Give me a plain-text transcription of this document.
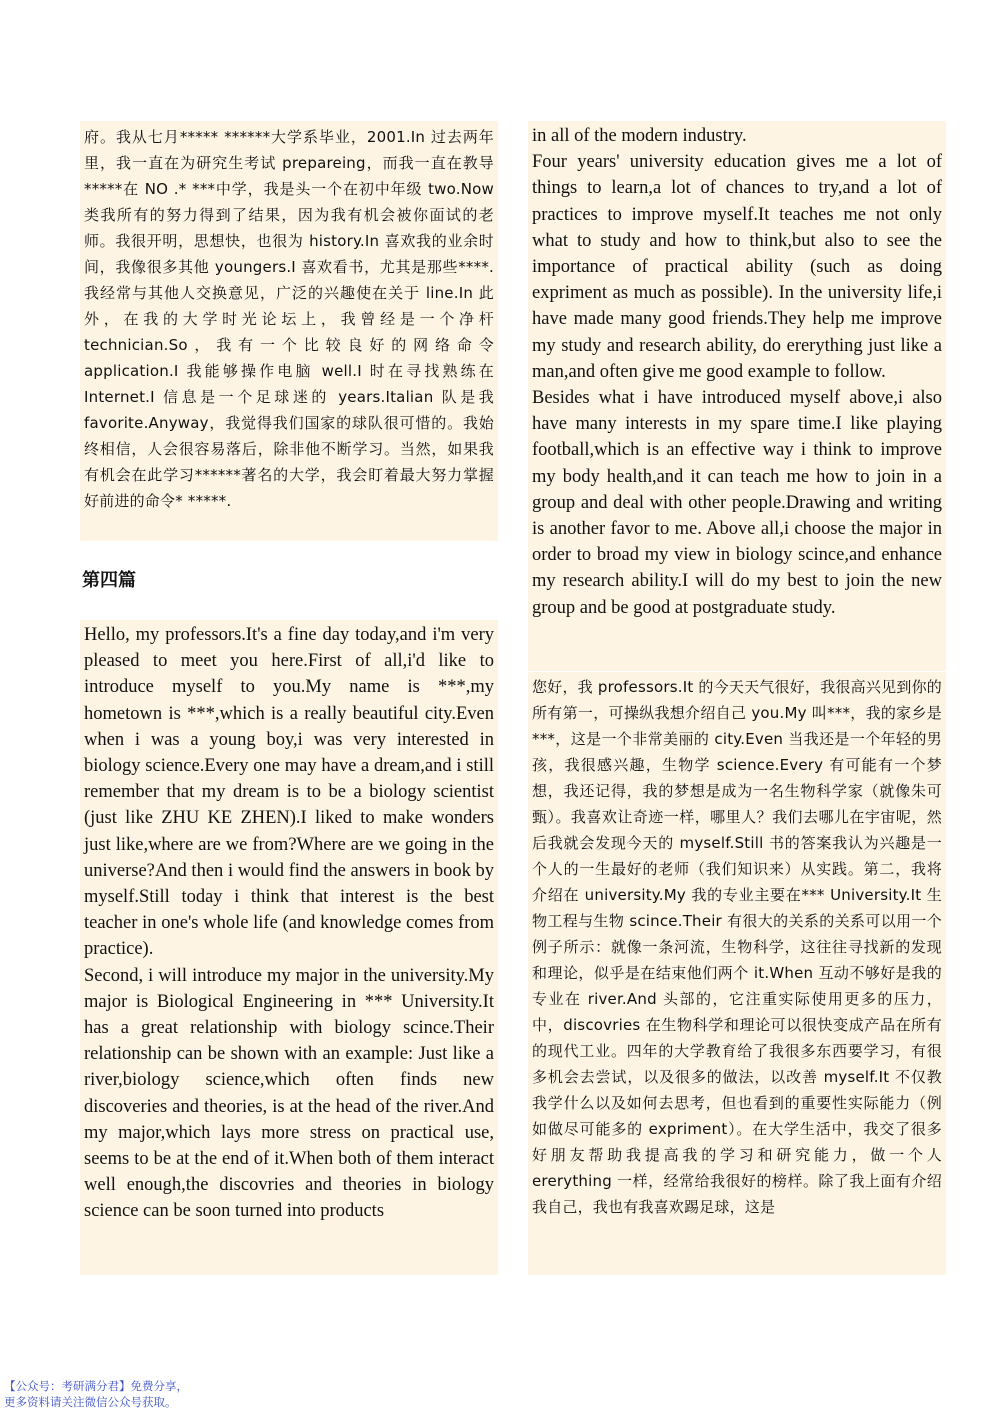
府。我从七月***** ******大学系毕业，2001.In 过去两年里，我一直在为研究生考试 prepareing，而我一直在教导*****在 NO .* ***中学，我是头一个在初中年级 two.Now 类我所有的努力得到了结果，因为我有机会被你面试的老师。我很开明，思想快，也很为 history.In 喜欢我的业余时间，我像很多其他 youngers.I 喜欢看书，尤其是那些****.我经常与其他人交换意见，广泛的兴趣使在关于 line.In 此外，在我的大学时光论坛上，我曾经是一个净杆 technician.So，我有一个比较良好的网络命令 application.I 我能够操作电脑 well.I 时在寻找熟练在 Internet.I 信息是一个足球迷的 years.Italian 队是我 favorite.Anyway，我觉得我们国家的球队很可惜的。我始终相信，人会很容易落后，除非他不断学习。当然，如果我有机会在此学习******著名的大学，我会盯着最大努力掌握好前进的命令* *****.

第四篇

Hello, my professors.It's a fine day today,and i'm very pleased to meet you here.First of all,i'd like to introduce myself to you.My name is ***,my hometown is ***,which is a really beautiful city.Even when i was a young boy,i was very interested in biology science.Every one may have a dream,and i still remember that my dream is to be a biology scientist (just like ZHU KE ZHEN).I liked to make wonders just like,where are we from?Where are we going in the universe?And then i would find the answers in book by myself.Still today i think that interest is the best teacher in one's whole life (and knowledge comes from practice).

Second, i will introduce my major in the university.My major is Biological Engineering in *** University.It has a great relationship with biology scince.Their relationship can be shown with an example: Just like a river,biology science,which often finds new discoveries and theories, is at the head of the river.And my major,which lays more stress on practical use, seems to be at the end of it.When both of them interact well enough,the discovries and theories in biology science can be soon turned into products

in all of the modern industry.

Four years' university education gives me a lot of things to learn,a lot of chances to try,and a lot of practices to improve myself.It teaches me not only what to study and how to think,but also to see the importance of practical ability (such as doing expriment as much as possible). In the university life,i have made many good friends.They help me improve my study and research ability, do ererything just like a man,and often give me good example to follow.

Besides what i have introduced myself above,i also have many interests in my spare time.I like playing football,which is an effective way i think to improve my body health,and it can teach me how to join in a group and deal with other people.Drawing and writing is another favor to me. Above all,i choose the major in order to broad my view in biology scince,and enhance my research ability.I will do my best to join the new group and be good at postgraduate study.

您好，我 professors.It 的今天天气很好，我很高兴见到你的所有第一，可操纵我想介绍自己 you.My 叫***，我的家乡是***，这是一个非常美丽的 city.Even 当我还是一个年轻的男孩，我很感兴趣，生物学 science.Every 有可能有一个梦想，我还记得，我的梦想是成为一名生物科学家（就像朱可甄）。我喜欢让奇迹一样，哪里人？我们去哪儿在宇宙呢，然后我就会发现今天的 myself.Still 书的答案我认为兴趣是一个人的一生最好的老师（我们知识来）从实践。第二，我将介绍在 university.My 我的专业主要在*** University.It 生物工程与生物 scince.Their 有很大的关系的关系可以用一个例子所示：就像一条河流，生物科学，这往往寻找新的发现和理论，似乎是在结束他们两个 it.When 互动不够好是我的专业在 river.And 头部的，它注重实际使用更多的压力，中，discovries 在生物科学和理论可以很快变成产品在所有的现代工业。四年的大学教育给了我很多东西要学习，有很多机会去尝试，以及很多的做法，以改善 myself.It 不仅教我学什么以及如何去思考，但也看到的重要性实际能力（例如做尽可能多的 expriment）。在大学生活中，我交了很多好朋友帮助我提高我的学习和研究能力，做一个人 ererything 一样，经常给我很好的榜样。除了我上面有介绍我自己，我也有我喜欢踢足球，这是

【公众号：考研满分君】免费分享，
更多资料请关注微信公众号获取。
